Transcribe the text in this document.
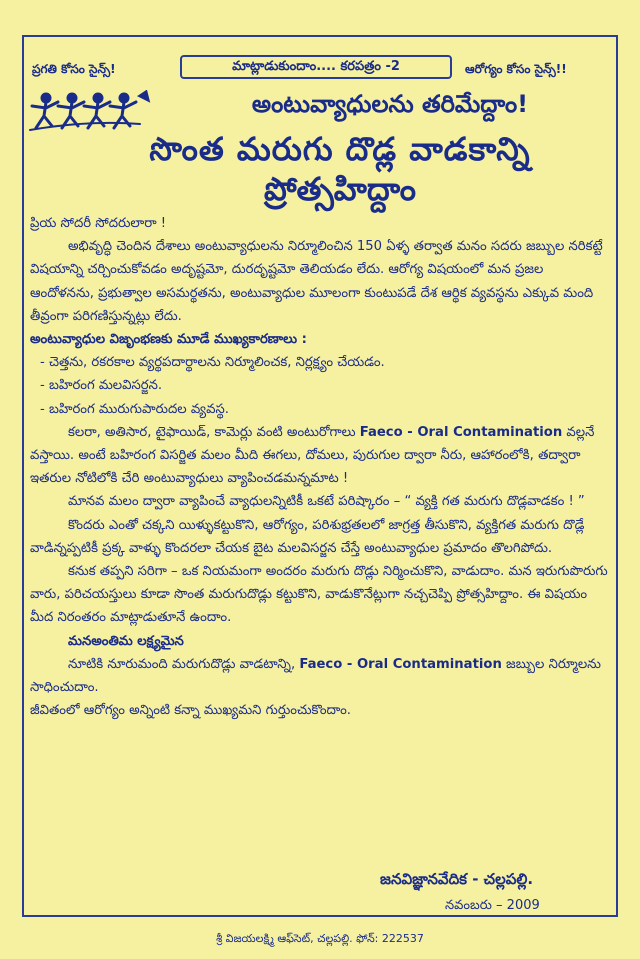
ప్రగతి కోసం సైన్స్!	మాట్లాడుకుందాం.... కరపత్రం -2	ఆరోగ్యం కోసం సైన్స్!!
అంటువ్యాధులను తరిమేద్దాం!
సొంత మరుగు దొడ్ల వాడకాన్ని
ప్రోత్సహిద్దాం

ప్రియ సోదరీ సోదరులారా !

అభివృద్ధి చెందిన దేశాలు అంటువ్యాధులను నిర్మూలించిన 150 ఏళ్ళ తర్వాత మనం సదరు జబ్బుల నరికట్టే విషయాన్ని చర్చించుకోవడం అదృష్టమో, దురదృష్టమో తెలియడం లేదు. ఆరోగ్య విషయంలో మన ప్రజల ఆందోళనను, ప్రభుత్వాల అసమర్థతను, అంటువ్యాధుల మూలంగా కుంటుపడే దేశ ఆర్థిక వ్యవస్థను ఎక్కువ మంది తీవ్రంగా పరిగణిస్తున్నట్లు లేదు.

అంటువ్యాధుల విజృంభణకు మూడే ముఖ్యకారణాలు :

- చెత్తను, రకరకాల వ్యర్థపదార్థాలను నిర్మూలించక, నిర్లక్ష్యం చేయడం.

- బహిరంగ మలవిసర్జన.

- బహిరంగ మురుగుపారుదల వ్యవస్థ.

కలరా, అతిసార, టైఫాయిడ్, కామెర్లు వంటి అంటురోగాలు Faeco - Oral Contamination వల్లనే వస్తాయి. అంటే బహిరంగ విసర్జిత మలం మీది ఈగలు, దోమలు, పురుగుల ద్వారా నీరు, ఆహారంలోకి, తద్వారా ఇతరుల నోటిలోకి చేరి అంటువ్యాధులు వ్యాపించడమన్నమాట !

మానవ మలం ద్వారా వ్యాపించే వ్యాధులన్నిటికీ ఒకటే పరిష్కారం – “ వ్యక్తి గత మరుగు దొడ్లవాడకం ! ”

కొందరు ఎంతో చక్కని యిళ్ళుకట్టుకొని, ఆరోగ్యం, పరిశుభ్రతలలో జాగ్రత్త తీసుకొని, వ్యక్తిగత మరుగు దొడ్లే వాడిన్నప్పటికీ ప్రక్క వాళ్ళు కొందరలా చేయక బైట మలవిసర్జన చేస్తే అంటువ్యాధుల ప్రమాదం తొలగిపోదు.

కనుక తప్పని సరిగా – ఒక నియమంగా అందరం మరుగు దొడ్లు నిర్మించుకొని, వాడుదాం. మన ఇరుగుపొరుగు వారు, పరిచయస్తులు కూడా సొంత మరుగుదొడ్లు కట్టుకొని, వాడుకొనేట్లుగా నచ్చచెప్పి ప్రోత్సహిద్దాం. ఈ విషయం మీద నిరంతరం మాట్లాడుతూనే ఉందాం.

మనఅంతిమ లక్ష్యమైన

నూటికి నూరుమంది మరుగుదొడ్లు వాడటాన్ని, Faeco - Oral Contamination జబ్బుల నిర్మూలను సాధించుదాం.

జీవితంలో ఆరోగ్యం అన్నింటి కన్నా ముఖ్యమని గుర్తుంచుకొందాం.

జనవిజ్ఞానవేదిక - చల్లపల్లి.
నవంబరు – 2009
శ్రీ విజయలక్ష్మి ఆఫ్‌సెట్, చల్లపల్లి. ఫోన్: 222537
